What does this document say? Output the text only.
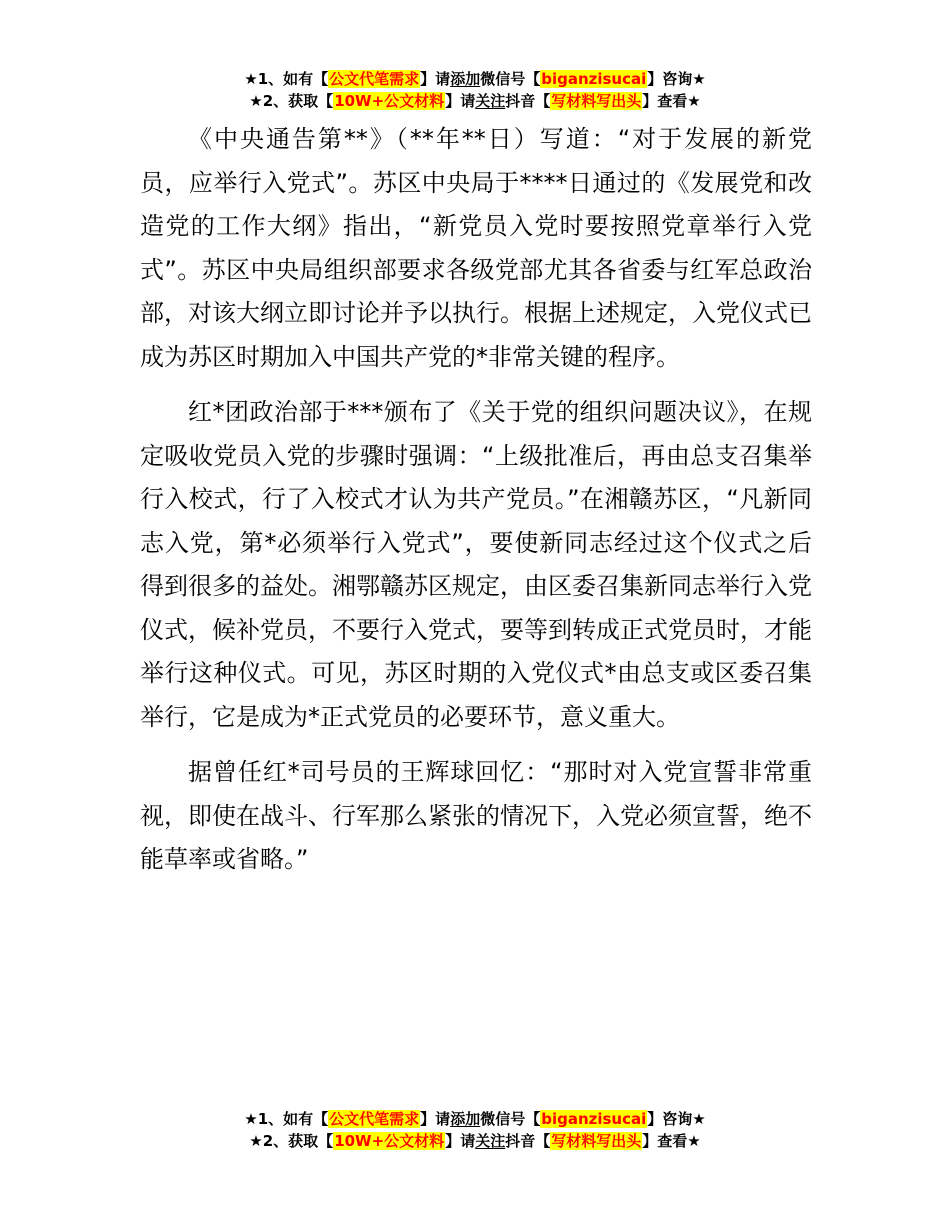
★1、如有【公文代笔需求】请添加微信号【biganzisucai】咨询★
★2、获取【10W+公文材料】请关注抖音【写材料写出头】查看★

《中央通告第**》（**年**日）写道：“对于发展的新党员，应举行入党式”。苏区中央局于****日通过的《发展党和改造党的工作大纲》指出，“新党员入党时要按照党章举行入党式”。苏区中央局组织部要求各级党部尤其各省委与红军总政治部，对该大纲立即讨论并予以执行。根据上述规定，入党仪式已成为苏区时期加入中国共产党的*非常关键的程序。

红*团政治部于***颁布了《关于党的组织问题决议》，在规定吸收党员入党的步骤时强调：“上级批准后，再由总支召集举行入校式，行了入校式才认为共产党员。”在湘赣苏区，“凡新同志入党，第*必须举行入党式”，要使新同志经过这个仪式之后得到很多的益处。湘鄂赣苏区规定，由区委召集新同志举行入党仪式，候补党员，不要行入党式，要等到转成正式党员时，才能举行这种仪式。可见，苏区时期的入党仪式*由总支或区委召集举行，它是成为*正式党员的必要环节，意义重大。

据曾任红*司号员的王辉球回忆：“那时对入党宣誓非常重视，即使在战斗、行军那么紧张的情况下，入党必须宣誓，绝不能草率或省略。”

★1、如有【公文代笔需求】请添加微信号【biganzisucai】咨询★
★2、获取【10W+公文材料】请关注抖音【写材料写出头】查看★
